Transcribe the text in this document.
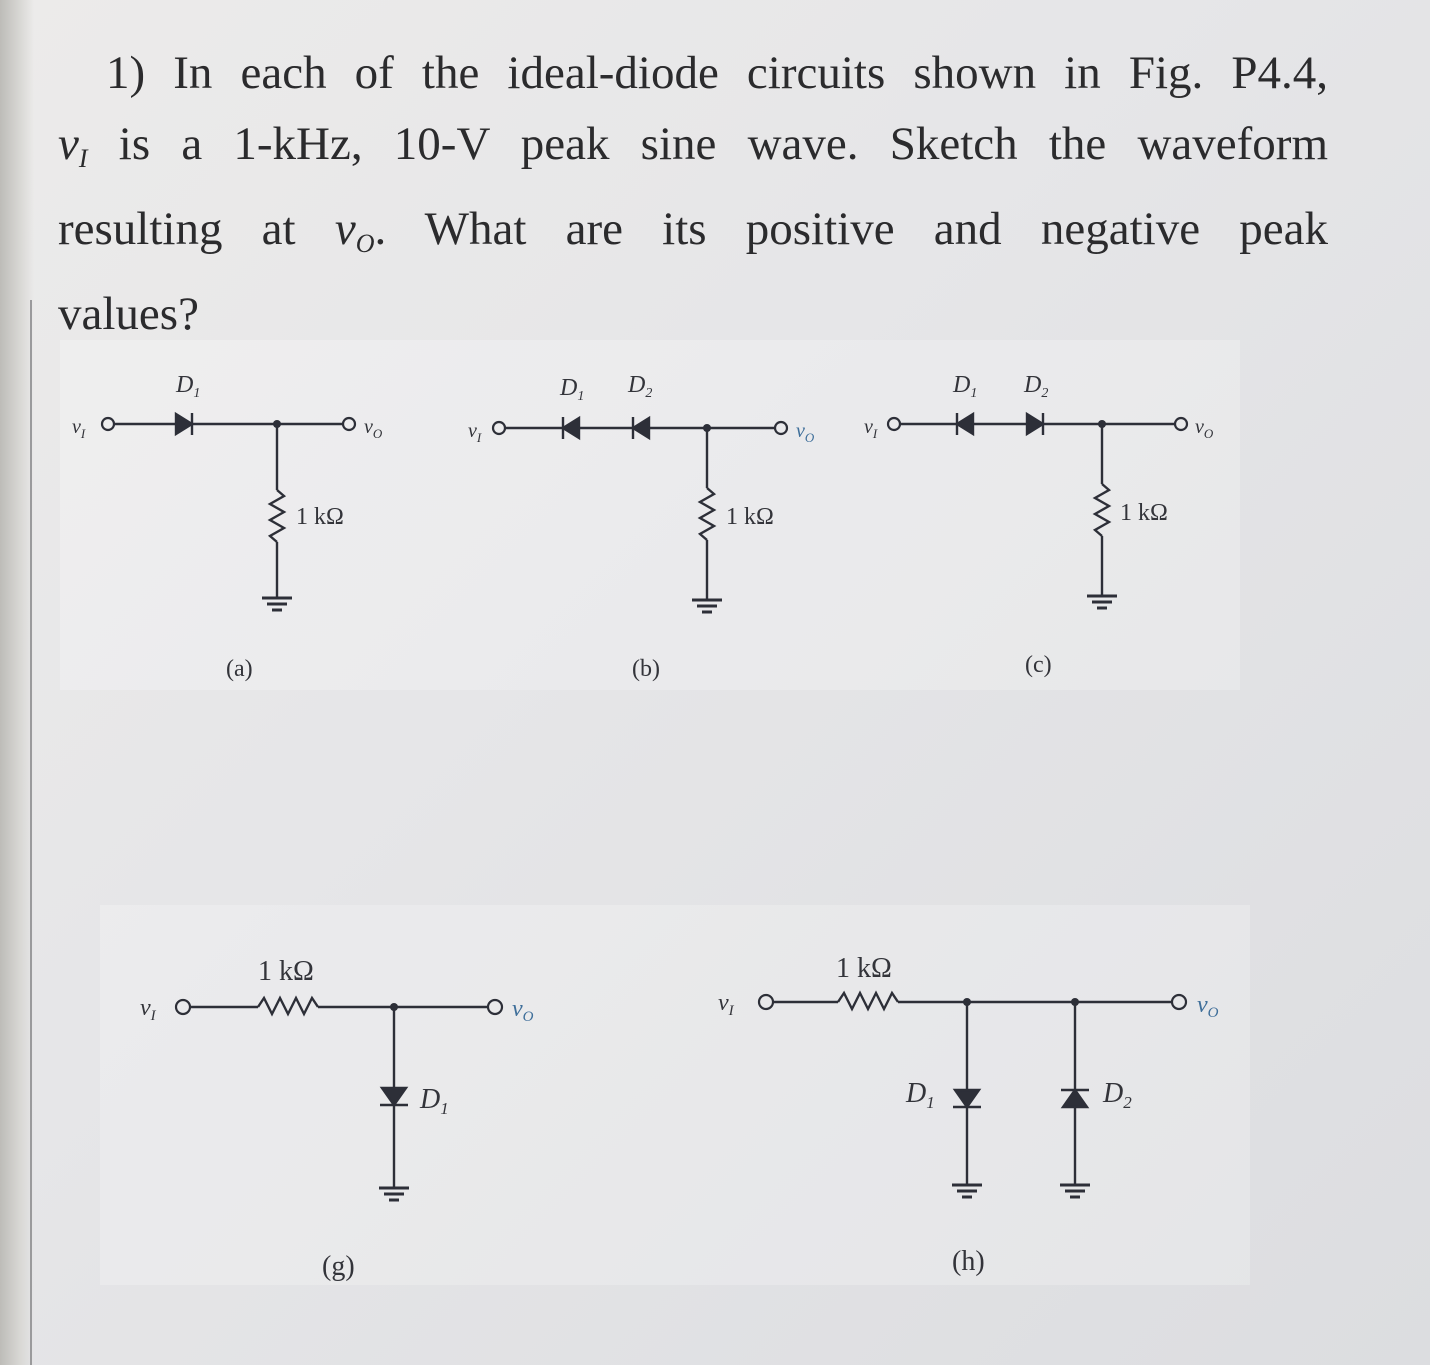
1) In each of the ideal-diode circuits shown in Fig. P4.4,
$v_I$ is a 1-kHz, 10-V peak sine wave. Sketch the waveform
resulting at $v_O$. What are its positive and negative peak
values?
$v_I$
$D_1$
$v_O$
1 kΩ
(a)
$v_I$
$D_1$ $D_2$
$v_O$
1 kΩ
(b)
$v_I$
$D_1$ $D_2$
$v_O$
1 kΩ
(c)
$v_I$
1 kΩ
$v_O$
$D_1$
(g)
$v_I$
1 kΩ
$v_O$
$D_1$	$D_2$
(h)
